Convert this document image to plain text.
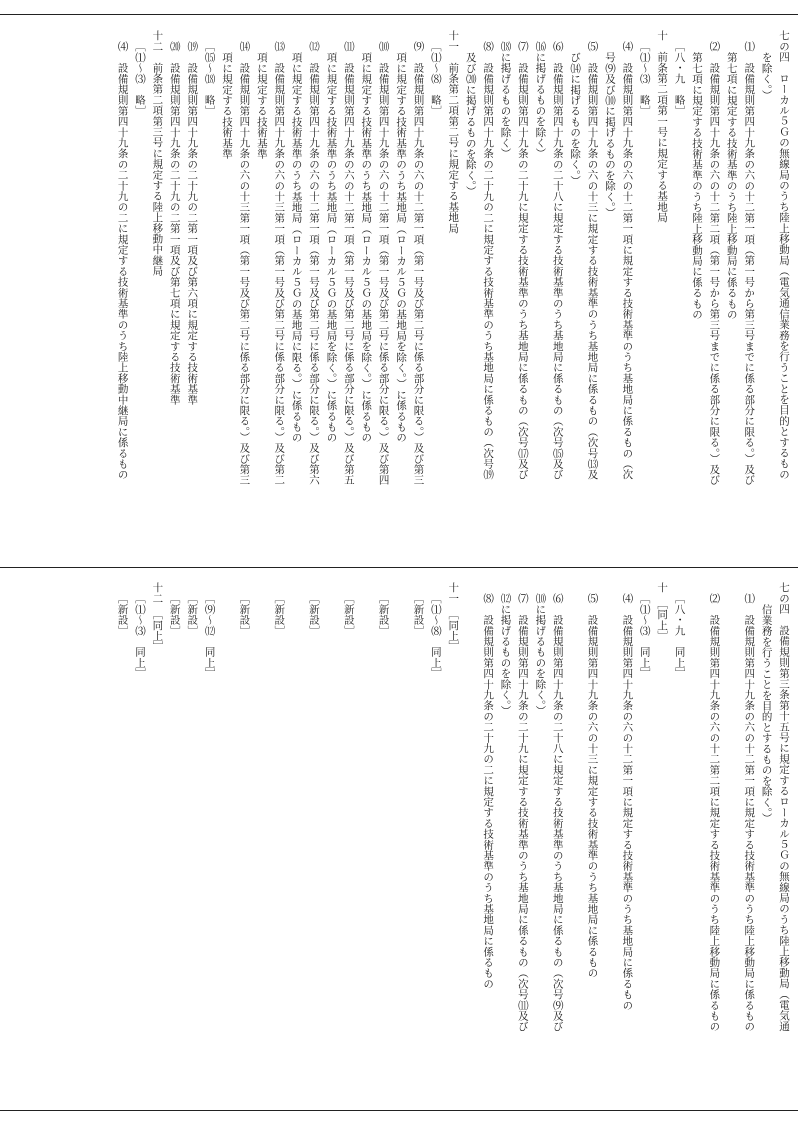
七の四　ローカル５Ｇの無線局のうち陸上移動局（電気通信業務を行うことを目的とするもの
を除く。）
⑴　設備規則第四十九条の六の十二第一項（第一号から第三号までに係る部分に限る。）及び
第七項に規定する技術基準のうち陸上移動局に係るもの
⑵　設備規則第四十九条の六の十二第二項（第一号から第三号までに係る部分に限る。）及び
第七項に規定する技術基準のうち陸上移動局に係るもの
［八・九　略］
十　前条第二項第一号に規定する基地局
［⑴～⑶　略］
⑷　設備規則第四十九条の六の十二第一項に規定する技術基準のうち基地局に係るもの（次
号⑼及び⑽に掲げるものを除く。）
⑸　設備規則第四十九条の六の十三に規定する技術基準のうち基地局に係るもの（次号⒀及
び⒁に掲げるものを除く。）
⑹　設備規則第四十九条の二十八に規定する技術基準のうち基地局に係るもの（次号⒂及び
⒃に掲げるものを除く）
⑺　設備規則第四十九条の二十九に規定する技術基準のうち基地局に係るもの（次号⒄及び
⒅に掲げるものを除く）
⑻　設備規則第四十九条の二十九の二に規定する技術基準のうち基地局に係るもの（次号⒆
及び⒇に掲げるものを除く。）
十一　前条第二項第二号に規定する基地局
［⑴～⑻　略］
⑼　設備規則第四十九条の六の十二第一項（第一号及び第二号に係る部分に限る。）及び第三
項に規定する技術基準のうち基地局（ローカル５Ｇの基地局を除く。）に係るもの
⑽　設備規則第四十九条の六の十二第一項（第一号及び第二号に係る部分に限る。）及び第四
項に規定する技術基準のうち基地局（ローカル５Ｇの基地局を除く。）に係るもの
⑾　設備規則第四十九条の六の十二第一項（第一号及び第二号に係る部分に限る。）及び第五
項に規定する技術基準のうち基地局（ローカル５Ｇの基地局を除く。）に係るもの
⑿　設備規則第四十九条の六の十二第一項（第一号及び第二号に係る部分に限る。）及び第六
項に規定する技術基準のうち基地局（ローカル５Ｇの基地局に限る。）に係るもの
⒀　設備規則第四十九条の六の十三第一項（第一号及び第二号に係る部分に限る。）及び第二
項に規定する技術基準
⒁　設備規則第四十九条の六の十三第一項（第一号及び第二号に係る部分に限る。）及び第三
項に規定する技術基準
［⒂～⒅　略］
⒆　設備規則第四十九条の二十九の二第一項及び第六項に規定する技術基準
⒇　設備規則第四十九条の二十九の二第一項及び第七項に規定する技術基準
十二　前条第二項第三号に規定する陸上移動中継局
［⑴～⑶　略］
⑷　設備規則第四十九条の二十九の二に規定する技術基準のうち陸上移動中継局に係るもの
七の四　設備規則第三条第十五号に規定するローカル５Ｇの無線局のうち陸上移動局（電気通
信業務を行うことを目的とするものを除く。）
⑴　設備規則第四十九条の六の十二第一項に規定する技術基準のうち陸上移動局に係るもの

⑵　設備規則第四十九条の六の十二第二項に規定する技術基準のうち陸上移動局に係るもの

［八・九　同上］
十　［同上］
［⑴～⑶　同上］
⑷　設備規則第四十九条の六の十二第一項に規定する技術基準のうち基地局に係るもの

⑸　設備規則第四十九条の六の十三に規定する技術基準のうち基地局に係るもの

⑹　設備規則第四十九条の二十八に規定する技術基準のうち基地局に係るもの（次号⑼及び
⑽に掲げるものを除く。）
⑺　設備規則第四十九条の二十九に規定する技術基準のうち基地局に係るもの（次号⑾及び
⑿に掲げるものを除く。）
⑻　設備規則第四十九条の二十九の二に規定する技術基準のうち基地局に係るもの

十一　［同上］
［⑴～⑻　同上］
［新設］

［新設］

［新設］

［新設］

［新設］

［新設］

［⑼～⑿　同上］
［新設］
［新設］
十二　［同上］
［⑴～⑶　同上］
［新設］
